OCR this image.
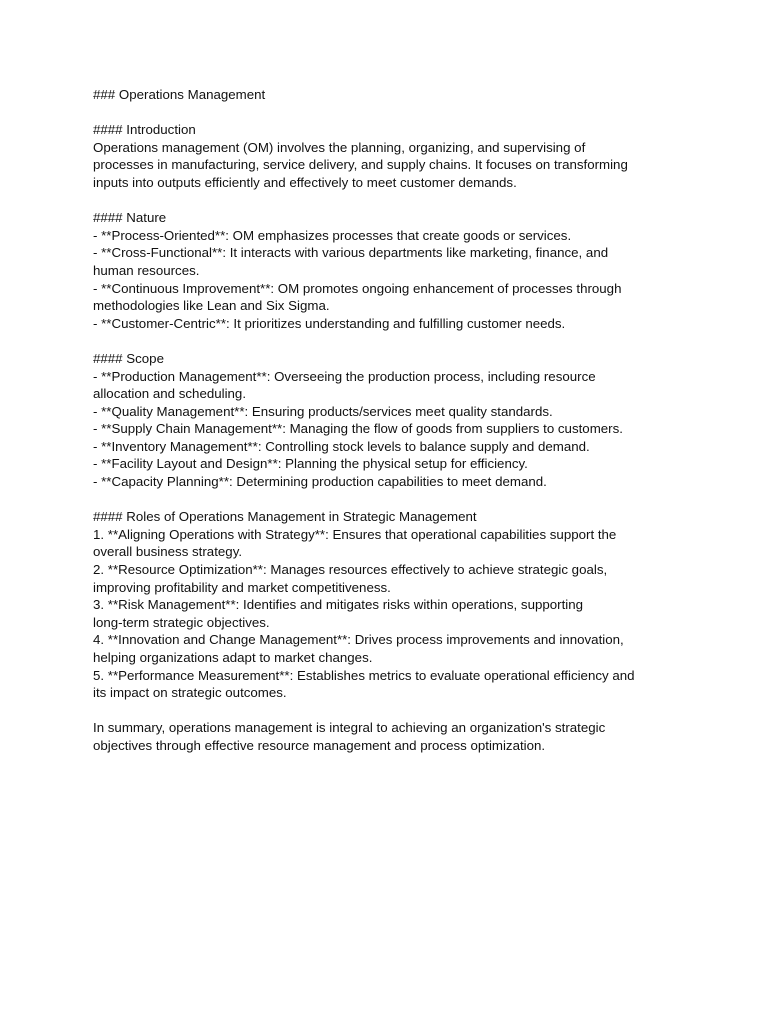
### Operations Management
#### Introduction
Operations management (OM) involves the planning, organizing, and supervising of
processes in manufacturing, service delivery, and supply chains. It focuses on transforming
inputs into outputs efficiently and effectively to meet customer demands.
#### Nature
- **Process-Oriented**: OM emphasizes processes that create goods or services.
- **Cross-Functional**: It interacts with various departments like marketing, finance, and
human resources.
- **Continuous Improvement**: OM promotes ongoing enhancement of processes through
methodologies like Lean and Six Sigma.
- **Customer-Centric**: It prioritizes understanding and fulfilling customer needs.
#### Scope
- **Production Management**: Overseeing the production process, including resource
allocation and scheduling.
- **Quality Management**: Ensuring products/services meet quality standards.
- **Supply Chain Management**: Managing the flow of goods from suppliers to customers.
- **Inventory Management**: Controlling stock levels to balance supply and demand.
- **Facility Layout and Design**: Planning the physical setup for efficiency.
- **Capacity Planning**: Determining production capabilities to meet demand.
#### Roles of Operations Management in Strategic Management
1. **Aligning Operations with Strategy**: Ensures that operational capabilities support the
overall business strategy.
2. **Resource Optimization**: Manages resources effectively to achieve strategic goals,
improving profitability and market competitiveness.
3. **Risk Management**: Identifies and mitigates risks within operations, supporting
long-term strategic objectives.
4. **Innovation and Change Management**: Drives process improvements and innovation,
helping organizations adapt to market changes.
5. **Performance Measurement**: Establishes metrics to evaluate operational efficiency and
its impact on strategic outcomes.
In summary, operations management is integral to achieving an organization's strategic
objectives through effective resource management and process optimization.
